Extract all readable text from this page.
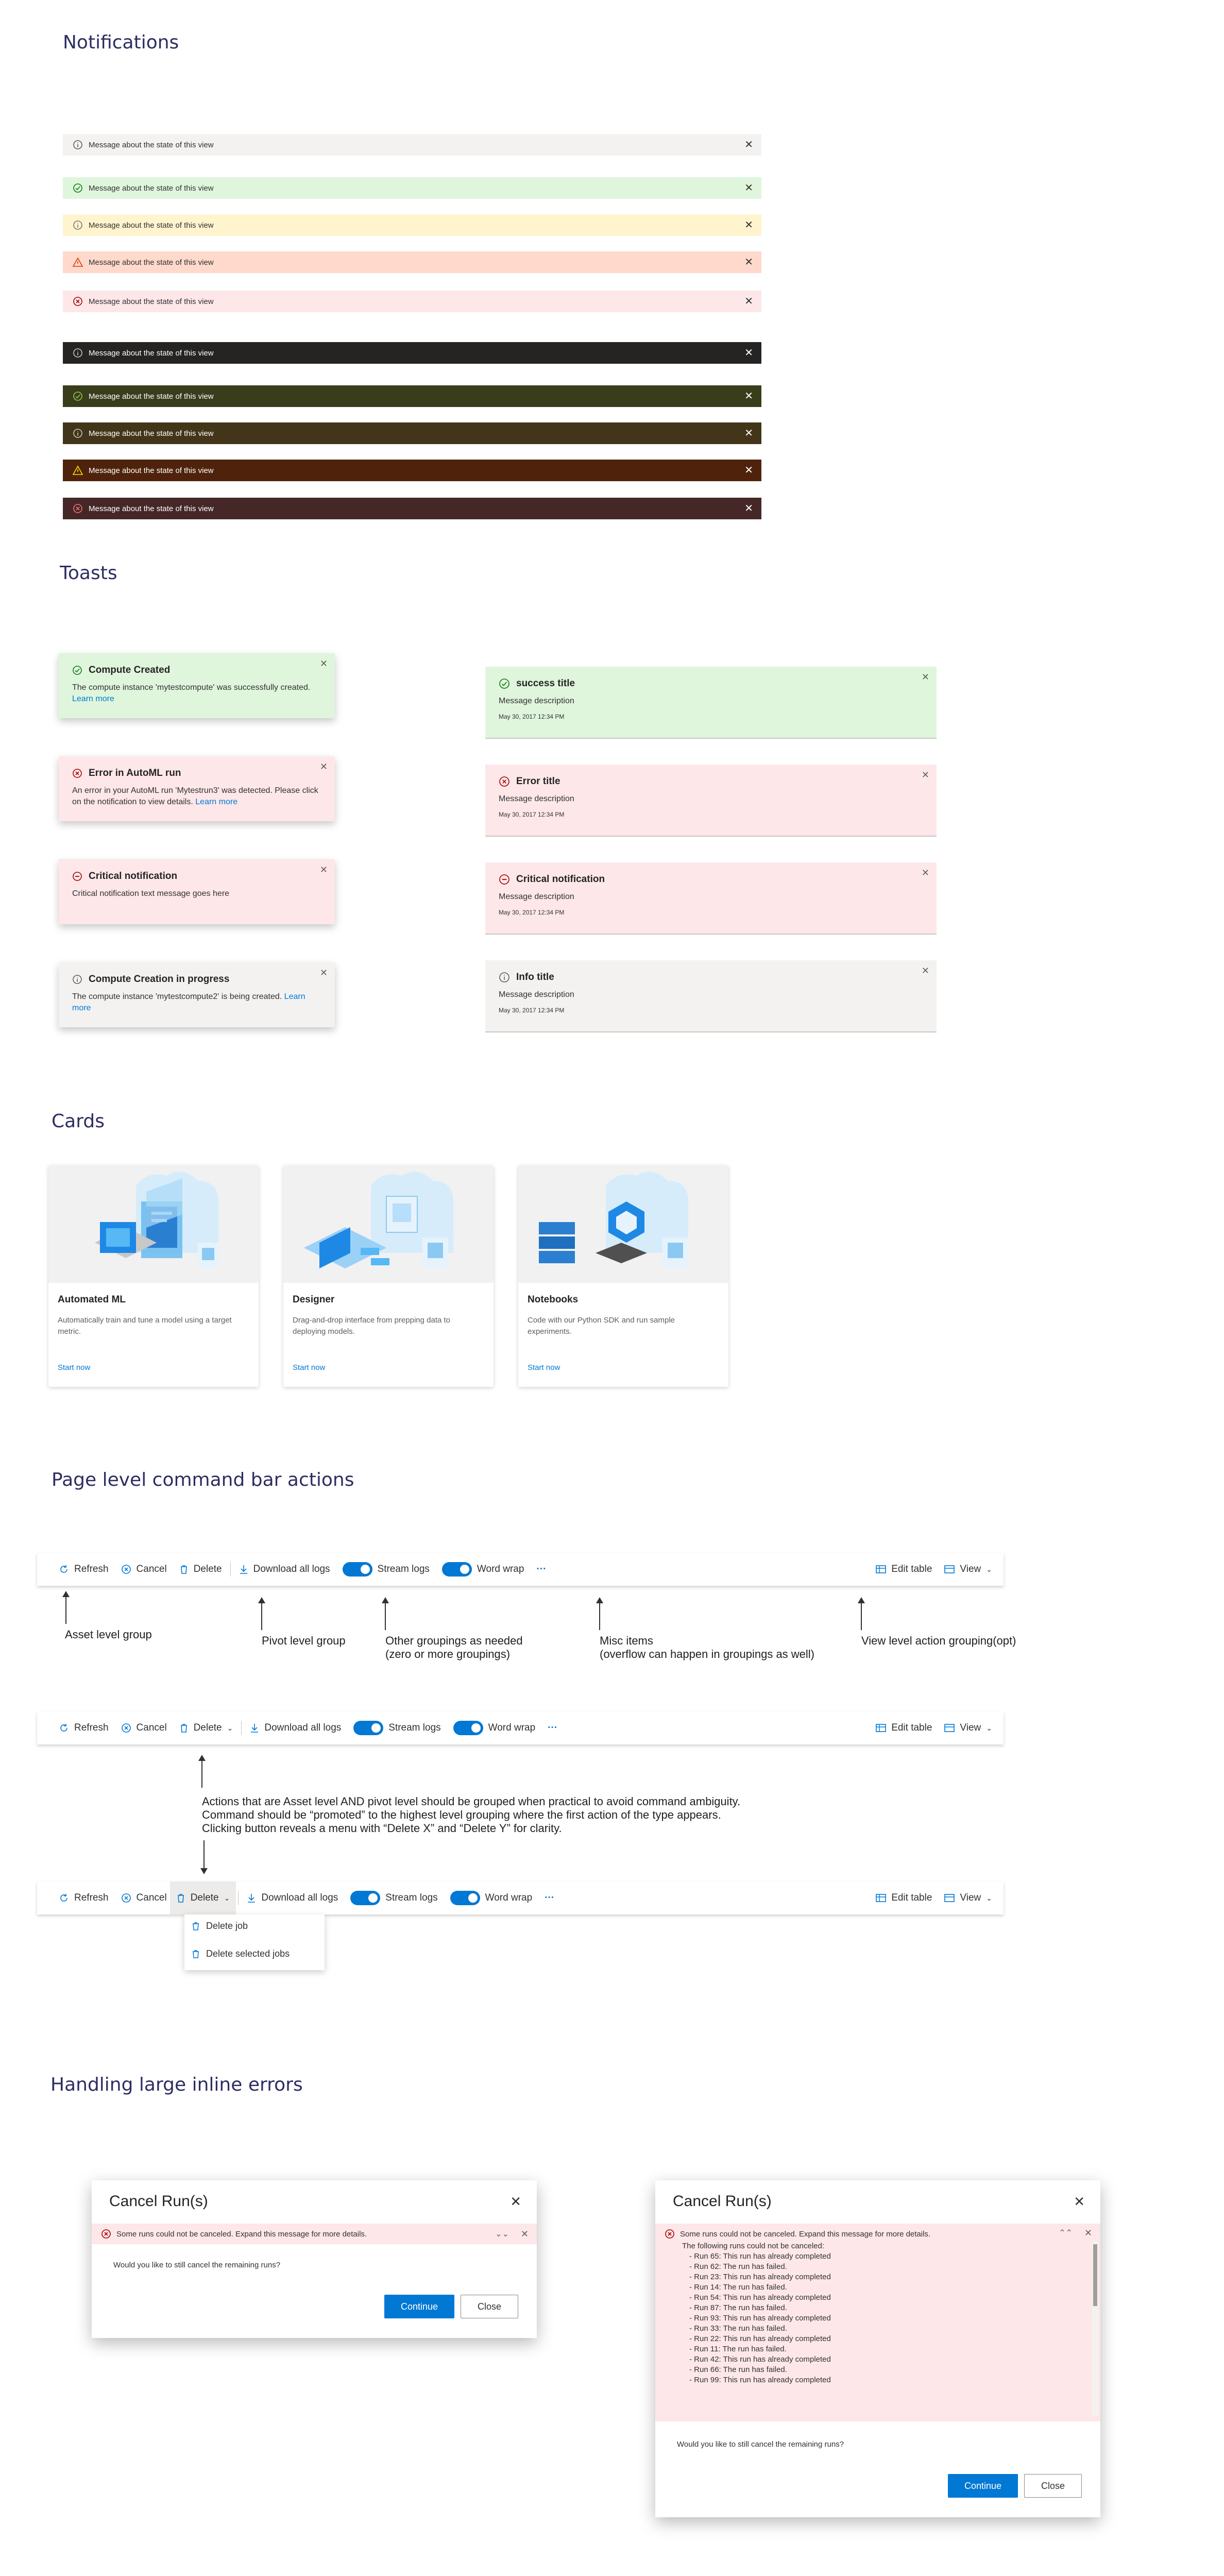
Notifications
Message about the state of this view	✕
Message about the state of this view	✕
Message about the state of this view	✕
Message about the state of this view	✕
Message about the state of this view	✕
Message about the state of this view	✕
Message about the state of this view	✕
Message about the state of this view	✕
Message about the state of this view	✕
Message about the state of this view	✕
Toasts
Compute Created
The compute instance 'mytestcompute' was successfully created. Learn more
✕
Error in AutoML run
An error in your AutoML run 'Mytestrun3' was detected. Please click on the notification to view details. Learn more
✕
Critical notification
Critical notification text message goes here
✕
Compute Creation in progress
The compute instance 'mytestcompute2' is being created. Learn more
✕
success title
Message description
May 30, 2017 12:34 PM
✕
Error title
Message description
May 30, 2017 12:34 PM
✕
Critical notification
Message description
May 30, 2017 12:34 PM
✕
Info title
Message description
May 30, 2017 12:34 PM
✕
Cards
Automated ML
Automatically train and tune a model using a target metric.
Start now
Designer
Drag-and-drop interface from prepping data to deploying models.
Start now
Notebooks
Code with our Python SDK and run sample experiments.
Start now
Page level command bar actions
Refresh	Cancel	Delete	Download all logs	Stream logs	Word wrap ···	Edit table	View ⌄
Asset level group	Pivot level group	Other groupings as needed
(zero or more groupings)
Misc items
(overflow can happen in groupings as well)
View level action grouping(opt)
Refresh	Cancel	Delete ⌄	Download all logs	Stream logs	Word wrap ···	Edit table	View ⌄
Actions that are Asset level AND pivot level should be grouped when practical to avoid command ambiguity.
Command should be “promoted” to the highest level grouping where the first action of the type appears.
Clicking button reveals a menu with “Delete X” and “Delete Y” for clarity.
Refresh	Cancel Delete ⌄	Download all logs	Stream logs	Word wrap ···	Edit table	View ⌄
Delete job
Delete selected jobs
Handling large inline errors
Cancel Run(s)	✕
Some runs could not be canceled. Expand this message for more details.	⌄⌄ ✕
Would you like to still cancel the remaining runs?
Continue	Close
Cancel Run(s)	✕
Some runs could not be canceled. Expand this message for more details.	⌃⌃ ✕
The following runs could not be canceled:
- Run 65: This run has already completed
- Run 62: The run has failed.
- Run 23: This run has already completed
- Run 14: The run has failed.
- Run 54: This run has already completed
- Run 87: The run has failed.
- Run 93: This run has already completed
- Run 33: The run has failed.
- Run 22: This run has already completed
- Run 11: The run has failed.
- Run 42: This run has already completed
- Run 66: The run has failed.
- Run 99: This run has already completed
Would you like to still cancel the remaining runs?
Continue	Close
